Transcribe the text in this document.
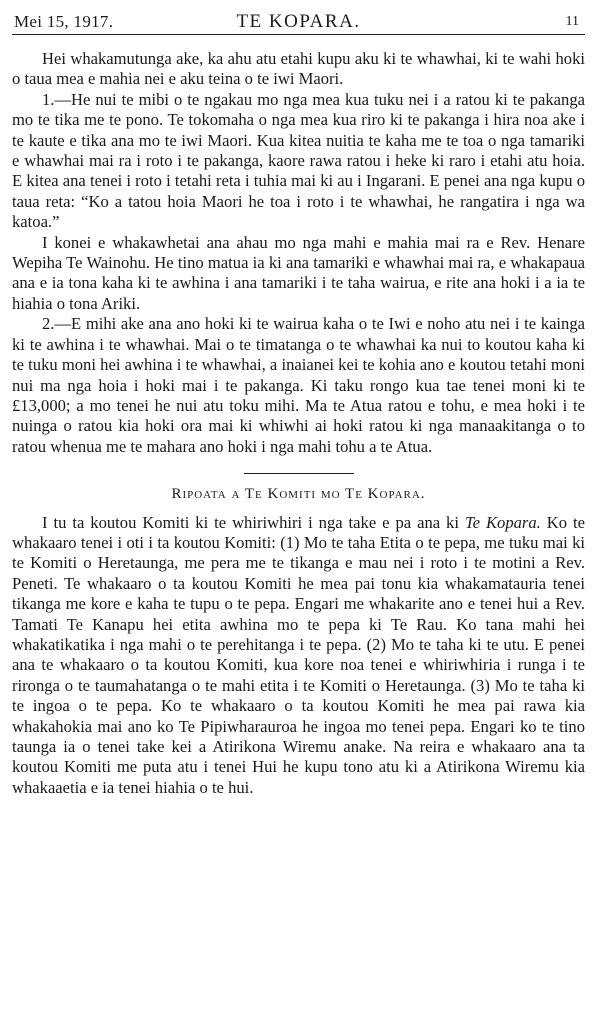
Mei 15, 1917.	TE KOPARA.	11

Hei whakamutunga ake, ka ahu atu etahi kupu aku ki te whawhai, ki te wahi hoki o taua mea e mahia nei e aku teina o te iwi Maori.

1.—He nui te mibi o te ngakau mo nga mea kua tuku nei i a ratou ki te pakanga mo te tika me te pono. Te tokomaha o nga mea kua riro ki te pakanga i hira noa ake i te kaute e tika ana mo te iwi Maori. Kua kitea nuitia te kaha me te toa o nga tamariki e whawhai mai ra i roto i te pakanga, kaore rawa ratou i heke ki raro i etahi atu hoia. E kitea ana tenei i roto i tetahi reta i tuhia mai ki au i Ingarani. E penei ana nga kupu o taua reta: “Ko a tatou hoia Maori he toa i roto i te whawhai, he rangatira i nga wa katoa.”

I konei e whakawhetai ana ahau mo nga mahi e mahia mai ra e Rev. Henare Wepiha Te Wainohu. He tino matua ia ki ana tamariki e whawhai mai ra, e whakapaua ana e ia tona kaha ki te awhina i ana tamariki i te taha wairua, e rite ana hoki i a ia te hiahia o tona Ariki.

2.—E mihi ake ana ano hoki ki te wairua kaha o te Iwi e noho atu nei i te kainga ki te awhina i te whawhai. Mai o te timatanga o te whawhai ka nui to koutou kaha ki te tuku moni hei awhina i te whawhai, a inaianei kei te kohia ano e koutou tetahi moni nui ma nga hoia i hoki mai i te pakanga. Ki taku rongo kua tae tenei moni ki te £13,000; a mo tenei he nui atu toku mihi. Ma te Atua ratou e tohu, e mea hoki i te nuinga o ratou kia hoki ora mai ki whiwhi ai hoki ratou ki nga manaakitanga o to ratou whenua me te mahara ano hoki i nga mahi tohu a te Atua.

Ripoata a Te Komiti mo Te Kopara.

I tu ta koutou Komiti ki te whiriwhiri i nga take e pa ana ki Te Kopara. Ko te whakaaro tenei i oti i ta koutou Komiti: (1) Mo te taha Etita o te pepa, me tuku mai ki te Komiti o Heretaunga, me pera me te tikanga e mau nei i roto i te motini a Rev. Peneti. Te whakaaro o ta koutou Komiti he mea pai tonu kia whakamatauria tenei tikanga me kore e kaha te tupu o te pepa. Engari me whakarite ano e tenei hui a Rev. Tamati Te Kanapu hei etita awhina mo te pepa ki Te Rau. Ko tana mahi hei whakatikatika i nga mahi o te perehitanga i te pepa. (2) Mo te taha ki te utu. E penei ana te whakaaro o ta koutou Komiti, kua kore noa tenei e whiriwhiria i runga i te rironga o te taumahatanga o te mahi etita i te Komiti o Heretaunga. (3) Mo te taha ki te ingoa o te pepa. Ko te whakaaro o ta koutou Komiti he mea pai rawa kia whakahokia mai ano ko Te Pipiwharauroa he ingoa mo tenei pepa. Engari ko te tino taunga ia o tenei take kei a Atirikona Wiremu anake. Na reira e whakaaro ana ta koutou Komiti me puta atu i tenei Hui he kupu tono atu ki a Atirikona Wiremu kia whakaaetia e ia tenei hiahia o te hui.
